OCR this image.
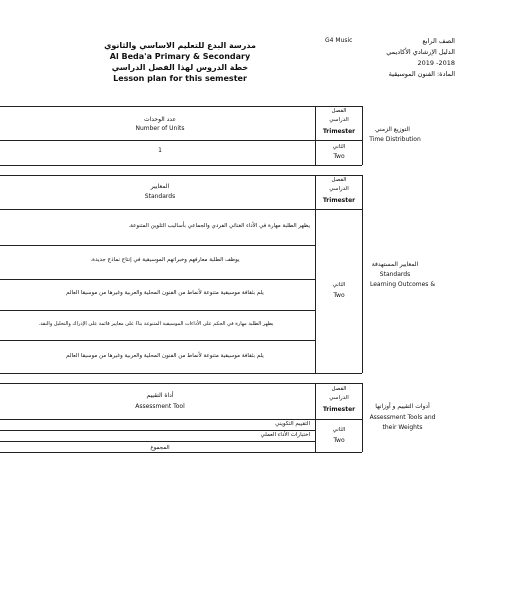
مدرسة البدع للتعليم الاساسي والثانوي
Al Beda'a Primary & Secondary
خطة الدروس لهذا الفصل الدراسي
Lesson plan for this semester
G4 Music	الصف الرابع
الدليل الإرشادي الأكاديمي
2019 -2018
المادة: الفنون الموسيقية
عدد الوحدات
Number of Units
الفصل
الدراسي
Trimester
1	الثاني
Two
التوزيع الزمني
Time Distribution
المعايير
Standards
الفصل
الدراسي
Trimester
يظهر الطلبة مهارة في الأداء الغنائي الفردي والجماعي بأساليب التلوين المتنوعة.
يوظف الطلبة معارفهم وخبراتهم الموسيقية في إنتاج نماذج جديدة.
يلم بثقافة موسيقية متنوعة لأنماط من الفنون المحلية والعربية وغيرها من موسيقا العالم
يظهر الطلبة مهارة في الحكم على الأداءات الموسيقية المتنوعة بناءً على معايير قائمة على الإدراك والتحليل والنقد.
يلم بثقافة موسيقية متنوعة لأنماط من الفنون المحلية والعربية وغيرها من موسيقا العالم
الثاني
Two
المعايير المستهدفة
Standards
Learning Outcomes &
أداة التقييم
Assessment Tool
الفصل
الدراسي
Trimester
التقييم التكويني
اختبارات الأداء العملي
المجموع
الثاني
Two
أدوات التقييم و أوزانها
Assessment Tools and
their Weights
